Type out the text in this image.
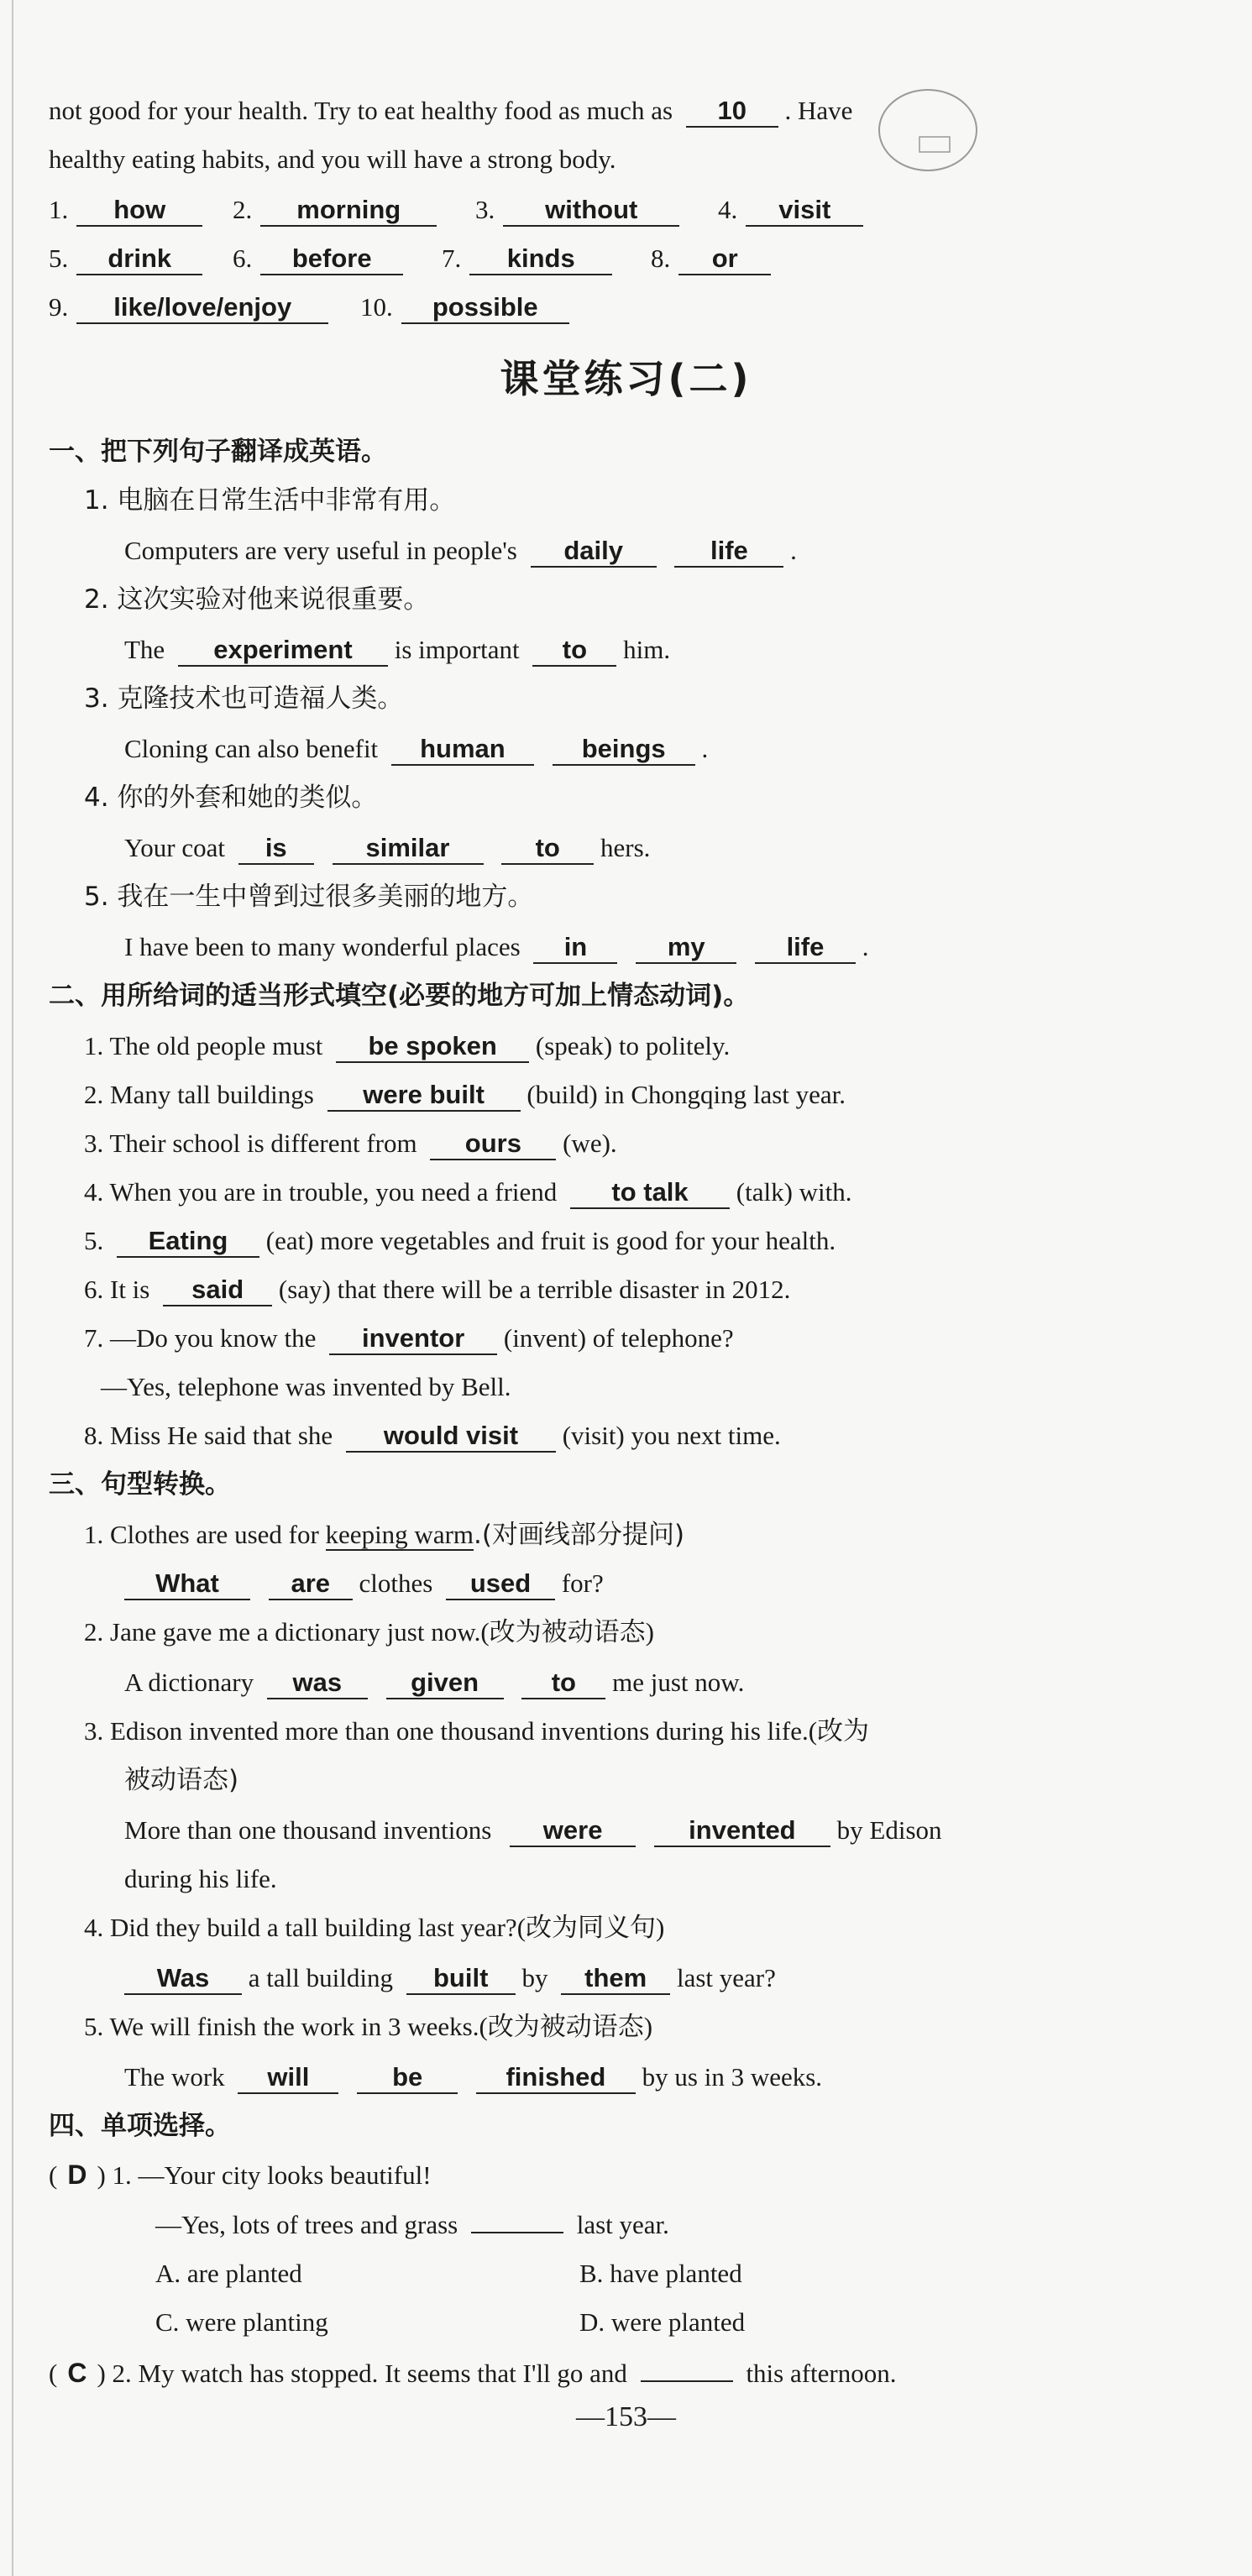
not good for your health. Try to eat healthy food as much as 10 . Have
healthy eating habits, and you will have a strong body.
1. how	2. morning	3. without	4. visit
5. drink 6. before	7. kinds	8. or
9. like/love/enjoy	10. possible
课堂练习(二)
一、把下列句子翻译成英语。
1. 电脑在日常生活中非常有用。
Computers are very useful in people's daily	life .
2. 这次实验对他来说很重要。
The experiment is important to him.
3. 克隆技术也可造福人类。
Cloning can also benefit human	beings .
4. 你的外套和她的类似。
Your coat is	similar	to hers.
5. 我在一生中曾到过很多美丽的地方。
I have been to many wonderful places in	my	life .
二、用所给词的适当形式填空(必要的地方可加上情态动词)。
1. The old people must be spoken (speak) to politely.
2. Many tall buildings were built (build) in Chongqing last year.
3. Their school is different from ours (we).
4. When you are in trouble, you need a friend to talk (talk) with.
5. Eating (eat) more vegetables and fruit is good for your health.
6. It is said (say) that there will be a terrible disaster in 2012.
7. —Do you know the inventor (invent) of telephone?
—Yes, telephone was invented by Bell.
8. Miss He said that she would visit (visit) you next time.
三、句型转换。
1. Clothes are used for keeping warm.(对画线部分提问)
What	are clothes used for?
2. Jane gave me a dictionary just now.(改为被动语态)
A dictionary was	given	to me just now.
3. Edison invented more than one thousand inventions during his life.(改为
被动语态)
More than one thousand inventions were	invented by Edison
during his life.
4. Did they build a tall building last year?(改为同义句)
Was a tall building built by them last year?
5. We will finish the work in 3 weeks.(改为被动语态)
The work will	be	finished by us in 3 weeks.
四、单项选择。
( D ) 1. —Your city looks beautiful!
—Yes, lots of trees and grass	last year.
A. are planted	B. have planted
C. were planting	D. were planted
( C ) 2. My watch has stopped. It seems that I'll go and	this afternoon.
—153—
